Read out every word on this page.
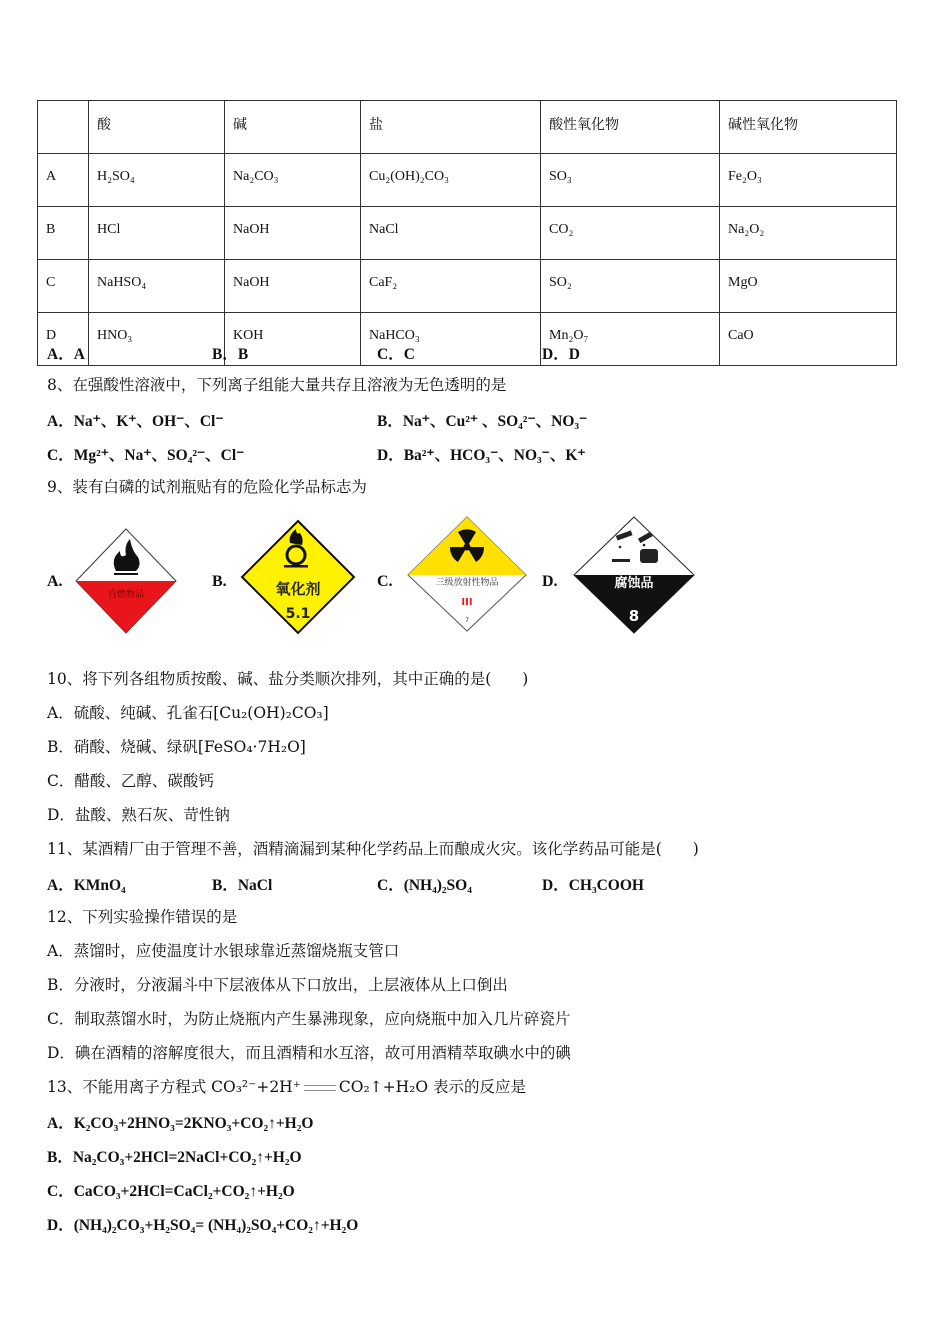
	酸	碱	盐	酸性氧化物	碱性氧化物
A	H₂SO₄	Na₂CO₃	Cu₂(OH)₂CO₃	SO₃	Fe₂O₃
B	HCl	NaOH	NaCl	CO₂	Na₂O₂
C	NaHSO₄	NaOH	CaF₂	SO₂	MgO
D	HNO₃	KOH	NaHCO₃	Mn₂O₇	CaO
A．A	B．B	C．C	D．D
8、在强酸性溶液中，下列离子组能大量共存且溶液为无色透明的是
A．Na⁺、K⁺、OH⁻、Cl⁻	B．Na⁺、Cu²⁺ 、SO₄²⁻、NO₃⁻
C．Mg²⁺、Na⁺、SO₄²⁻、Cl⁻	D．Ba²⁺、HCO₃⁻、NO₃⁻、K⁺
9、装有白磷的试剂瓶贴有的危险化学品标志为
A.	B.	C.	D.
自燃物品	氧化剂
5.1
三级放射性物品
III
7
腐蚀品
8
10、将下列各组物质按酸、碱、盐分类顺次排列，其中正确的是(　　)
A．硫酸、纯碱、孔雀石[Cu₂(OH)₂CO₃]
B．硝酸、烧碱、绿矾[FeSO₄·7H₂O]
C．醋酸、乙醇、碳酸钙
D．盐酸、熟石灰、苛性钠
11、某酒精厂由于管理不善，酒精滴漏到某种化学药品上而酿成火灾。该化学药品可能是(　　)
A．KMnO₄	B．NaCl	C．(NH₄)₂SO₄	D．CH₃COOH
12、下列实验操作错误的是
A．蒸馏时，应使温度计水银球靠近蒸馏烧瓶支管口
B．分液时，分液漏斗中下层液体从下口放出，上层液体从上口倒出
C．制取蒸馏水时，为防止烧瓶内产生暴沸现象，应向烧瓶中加入几片碎瓷片
D．碘在酒精的溶解度很大，而且酒精和水互溶，故可用酒精萃取碘水中的碘
13、不能用离子方程式 CO₃²⁻+2H⁺ CO₂↑+H₂O 表示的反应是
A．K₂CO₃+2HNO₃=2KNO₃+CO₂↑+H₂O
B．Na₂CO₃+2HCl=2NaCl+CO₂↑+H₂O
C．CaCO₃+2HCl=CaCl₂+CO₂↑+H₂O
D．(NH₄)₂CO₃+H₂SO₄= (NH₄)₂SO₄+CO₂↑+H₂O
